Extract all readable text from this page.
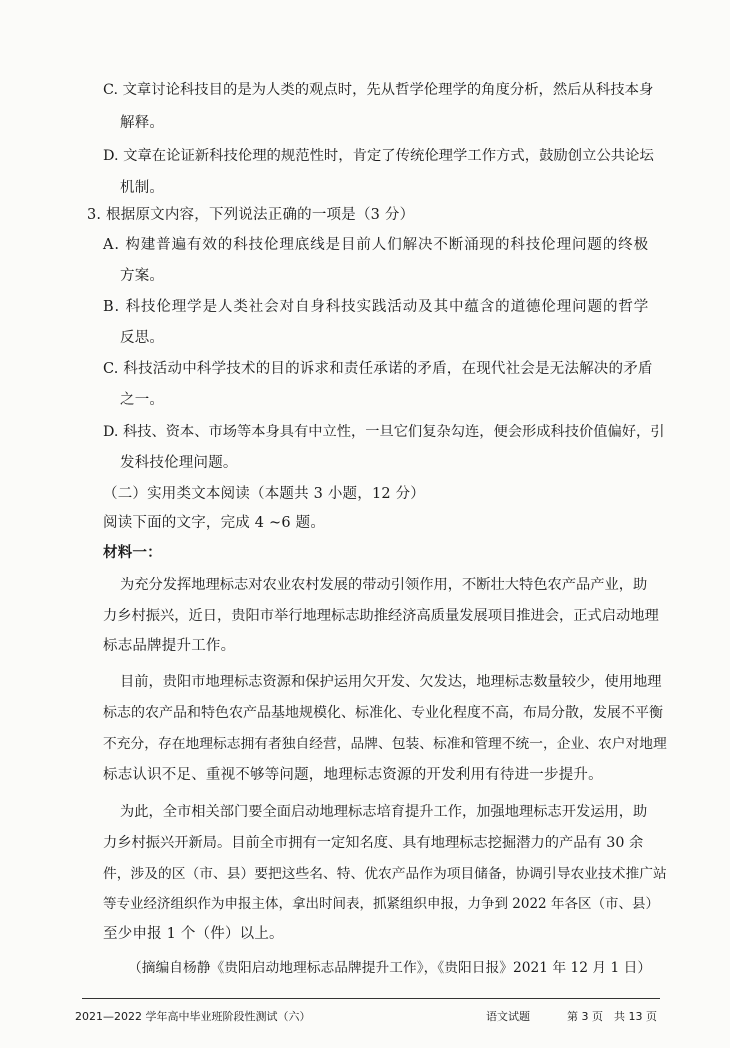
C. 文章讨论科技目的是为人类的观点时，先从哲学伦理学的角度分析，然后从科技本身
解释。
D. 文章在论证新科技伦理的规范性时，肯定了传统伦理学工作方式，鼓励创立公共论坛
机制。
3. 根据原文内容，下列说法正确的一项是（3 分）
A. 构建普遍有效的科技伦理底线是目前人们解决不断涌现的科技伦理问题的终极
方案。
B. 科技伦理学是人类社会对自身科技实践活动及其中蕴含的道德伦理问题的哲学
反思。
C. 科技活动中科学技术的目的诉求和责任承诺的矛盾，在现代社会是无法解决的矛盾
之一。
D. 科技、资本、市场等本身具有中立性，一旦它们复杂勾连，便会形成科技价值偏好，引
发科技伦理问题。
（二）实用类文本阅读（本题共 3 小题，12 分）
阅读下面的文字，完成 4 ~6 题。
材料一：
为充分发挥地理标志对农业农村发展的带动引领作用，不断壮大特色农产品产业，助
力乡村振兴，近日，贵阳市举行地理标志助推经济高质量发展项目推进会，正式启动地理
标志品牌提升工作。
目前，贵阳市地理标志资源和保护运用欠开发、欠发达，地理标志数量较少，使用地理
标志的农产品和特色农产品基地规模化、标准化、专业化程度不高，布局分散，发展不平衡
不充分，存在地理标志拥有者独自经营，品牌、包装、标准和管理不统一，企业、农户对地理
标志认识不足、重视不够等问题，地理标志资源的开发利用有待进一步提升。
为此，全市相关部门要全面启动地理标志培育提升工作，加强地理标志开发运用，助
力乡村振兴开新局。目前全市拥有一定知名度、具有地理标志挖掘潜力的产品有 30 余
件，涉及的区（市、县）要把这些名、特、优农产品作为项目储备，协调引导农业技术推广站
等专业经济组织作为申报主体，拿出时间表，抓紧组织申报，力争到 2022 年各区（市、县）
至少申报 1 个（件）以上。
（摘编自杨静《贵阳启动地理标志品牌提升工作》，《贵阳日报》2021 年 12 月 1 日）
2021—2022 学年高中毕业班阶段性测试（六）	语文试题	第 3 页　共 13 页
